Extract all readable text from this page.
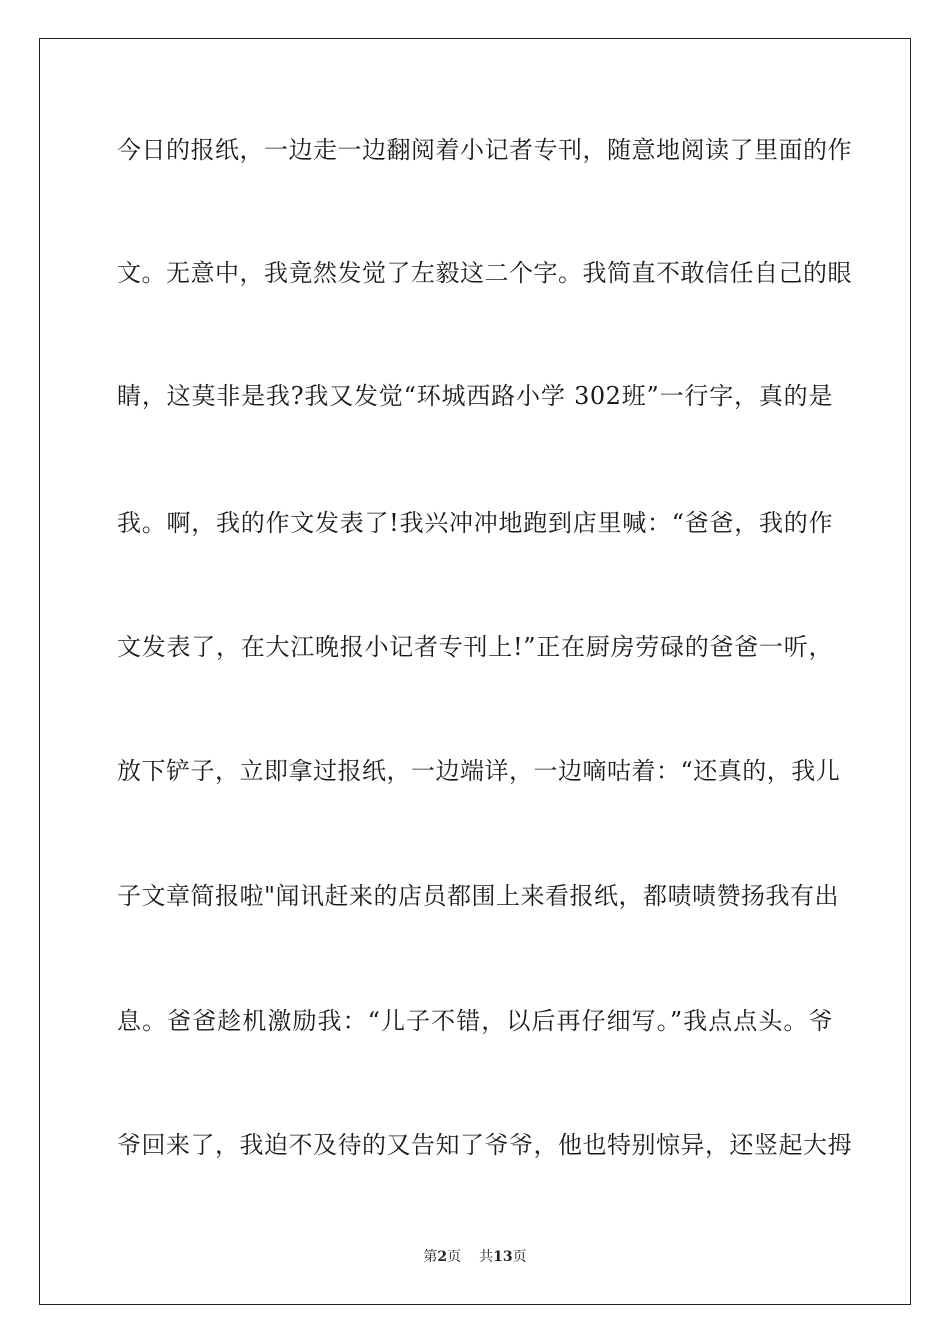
今日的报纸，一边走一边翻阅着小记者专刊，随意地阅读了里面的作
文。无意中，我竟然发觉了左毅这二个字。我简直不敢信任自己的眼
睛，这莫非是我?我又发觉“环城西路小学 302班”一行字，真的是
我。啊，我的作文发表了!我兴冲冲地跑到店里喊：“爸爸，我的作
文发表了，在大江晚报小记者专刊上!”正在厨房劳碌的爸爸一听，
放下铲子，立即拿过报纸，一边端详，一边嘀咕着：“还真的，我儿
子文章简报啦"闻讯赶来的店员都围上来看报纸，都啧啧赞扬我有出
息。爸爸趁机激励我：“儿子不错，以后再仔细写。”我点点头。爷
爷回来了，我迫不及待的又告知了爷爷，他也特别惊异，还竖起大拇
第2页 共13页
